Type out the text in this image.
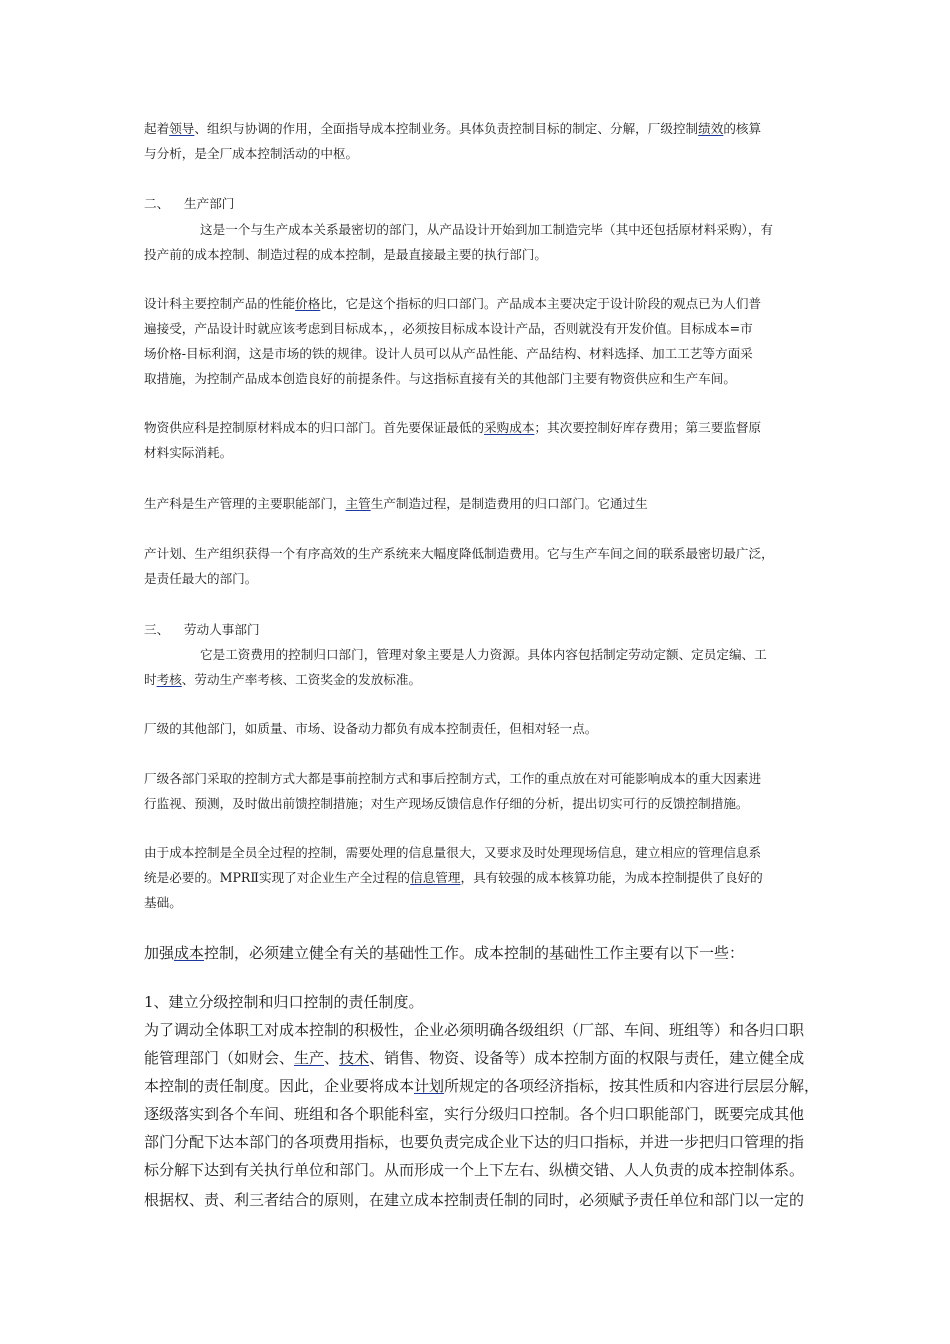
起着领导、组织与协调的作用，全面指导成本控制业务。具体负责控制目标的制定、分解，厂级控制绩效的核算
与分析，是全厂成本控制活动的中枢。
二、 生产部门
这是一个与生产成本关系最密切的部门，从产品设计开始到加工制造完毕（其中还包括原材料采购），有
投产前的成本控制、制造过程的成本控制，是最直接最主要的执行部门。
设计科主要控制产品的性能价格比，它是这个指标的归口部门。产品成本主要决定于设计阶段的观点已为人们普
遍接受，产品设计时就应该考虑到目标成本，，必须按目标成本设计产品，否则就没有开发价值。目标成本=市
场价格-目标利润，这是市场的铁的规律。设计人员可以从产品性能、产品结构、材料选择、加工工艺等方面采
取措施，为控制产品成本创造良好的前提条件。与这指标直接有关的其他部门主要有物资供应和生产车间。
物资供应科是控制原材料成本的归口部门。首先要保证最低的采购成本；其次要控制好库存费用；第三要监督原
材料实际消耗。
生产科是生产管理的主要职能部门，主管生产制造过程，是制造费用的归口部门。它通过生
产计划、生产组织获得一个有序高效的生产系统来大幅度降低制造费用。它与生产车间之间的联系最密切最广泛，
是责任最大的部门。
三、 劳动人事部门
它是工资费用的控制归口部门，管理对象主要是人力资源。具体内容包括制定劳动定额、定员定编、工
时考核、劳动生产率考核、工资奖金的发放标准。
厂级的其他部门，如质量、市场、设备动力都负有成本控制责任，但相对轻一点。
厂级各部门采取的控制方式大都是事前控制方式和事后控制方式，工作的重点放在对可能影响成本的重大因素进
行监视、预测，及时做出前馈控制措施；对生产现场反馈信息作仔细的分析，提出切实可行的反馈控制措施。
由于成本控制是全员全过程的控制，需要处理的信息量很大，又要求及时处理现场信息，建立相应的管理信息系
统是必要的。MPRⅡ实现了对企业生产全过程的信息管理，具有较强的成本核算功能，为成本控制提供了良好的
基础。
加强成本控制，必须建立健全有关的基础性工作。成本控制的基础性工作主要有以下一些：
1、建立分级控制和归口控制的责任制度。
为了调动全体职工对成本控制的积极性，企业必须明确各级组织（厂部、车间、班组等）和各归口职
能管理部门（如财会、生产、技术、销售、物资、设备等）成本控制方面的权限与责任，建立健全成
本控制的责任制度。因此，企业要将成本计划所规定的各项经济指标，按其性质和内容进行层层分解，
逐级落实到各个车间、班组和各个职能科室，实行分级归口控制。各个归口职能部门，既要完成其他
部门分配下达本部门的各项费用指标，也要负责完成企业下达的归口指标，并进一步把归口管理的指
标分解下达到有关执行单位和部门。从而形成一个上下左右、纵横交错、人人负责的成本控制体系。
根据权、责、利三者结合的原则，在建立成本控制责任制的同时，必须赋予责任单位和部门以一定的
